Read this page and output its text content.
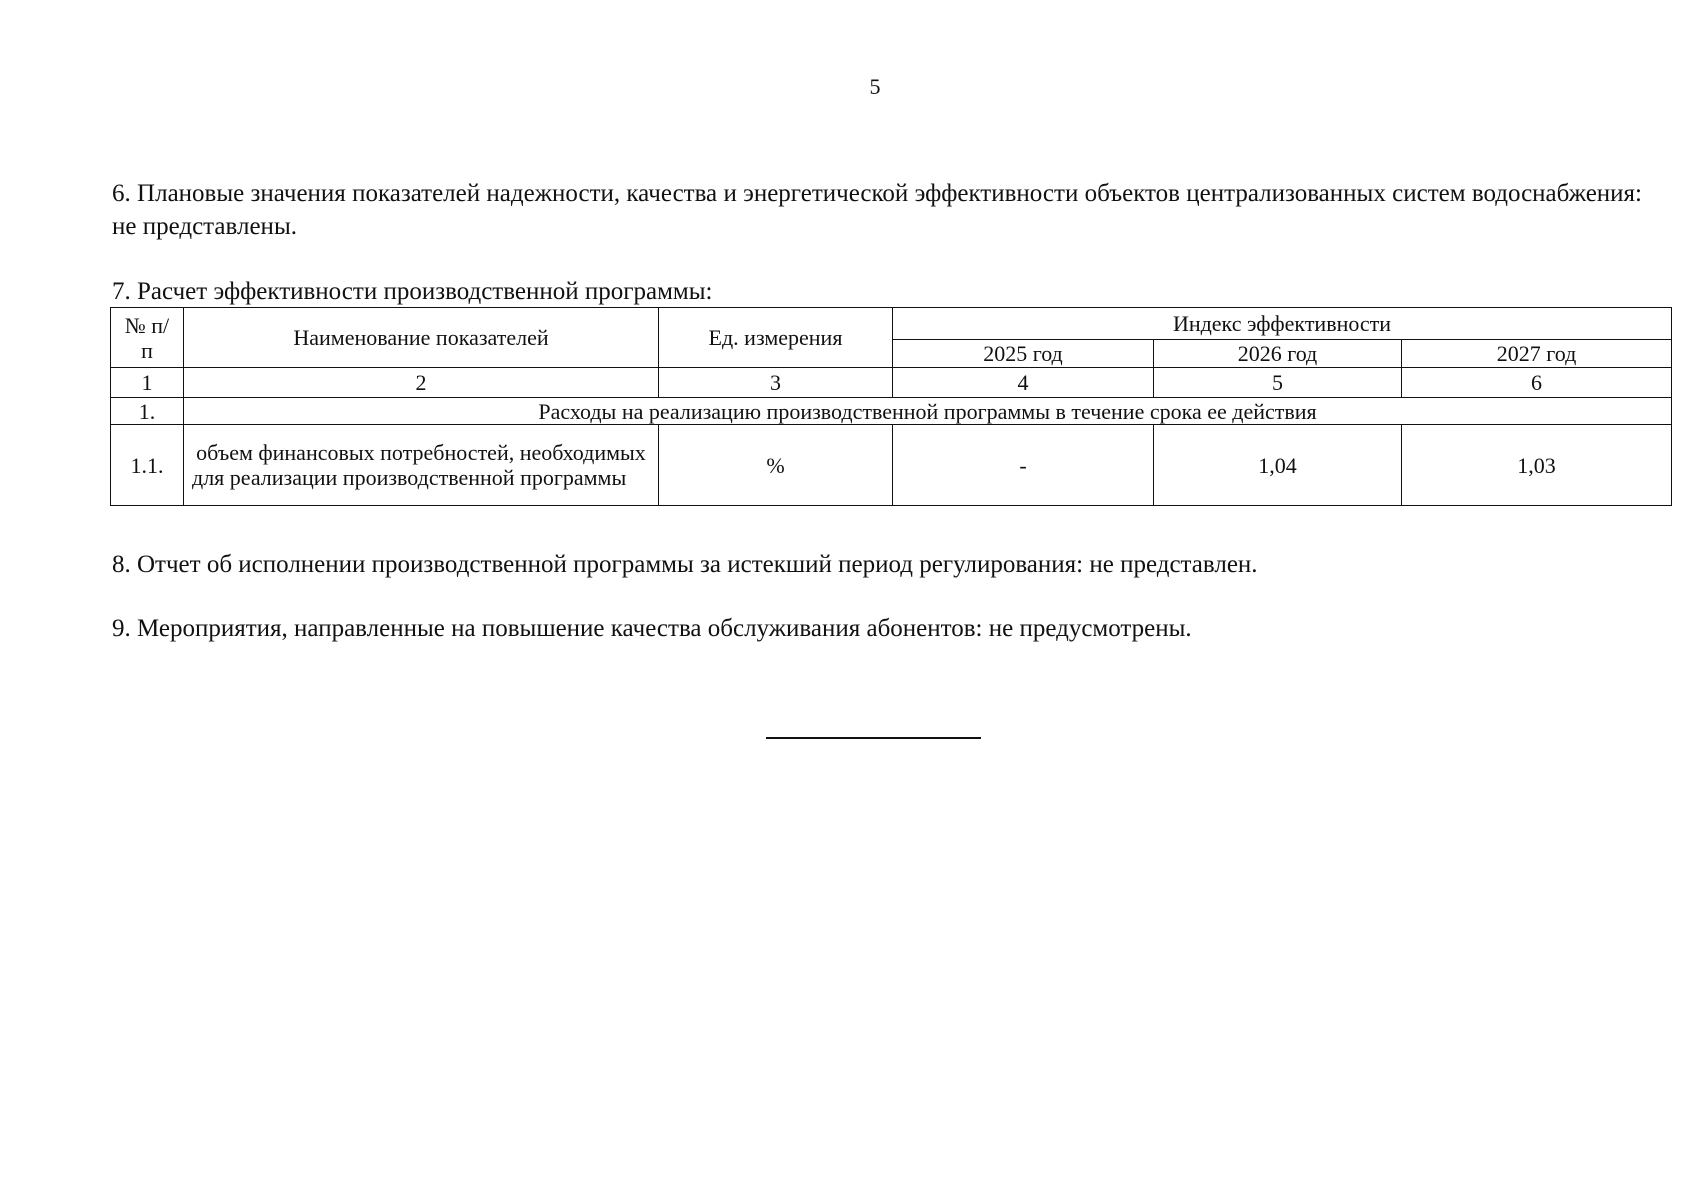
5
6. Плановые значения показателей надежности, качества и энергетической эффективности объектов централизованных систем водоснабжения: не представлены.
7. Расчет эффективности производственной программы:
№ п/п	Наименование показателей	Ед. измерения	Индекс эффективности		
			2025 год	2026 год	2027 год
1	2	3	4	5	6
1.	Расходы на реализацию производственной программы в течение срока ее действия				
1.1.	объем финансовых потребностей, необходимых для реализации производственной программы	%	-	1,04	1,03
8. Отчет об исполнении производственной программы за истекший период регулирования: не представлен.
9. Мероприятия, направленные на повышение качества обслуживания абонентов: не предусмотрены.
